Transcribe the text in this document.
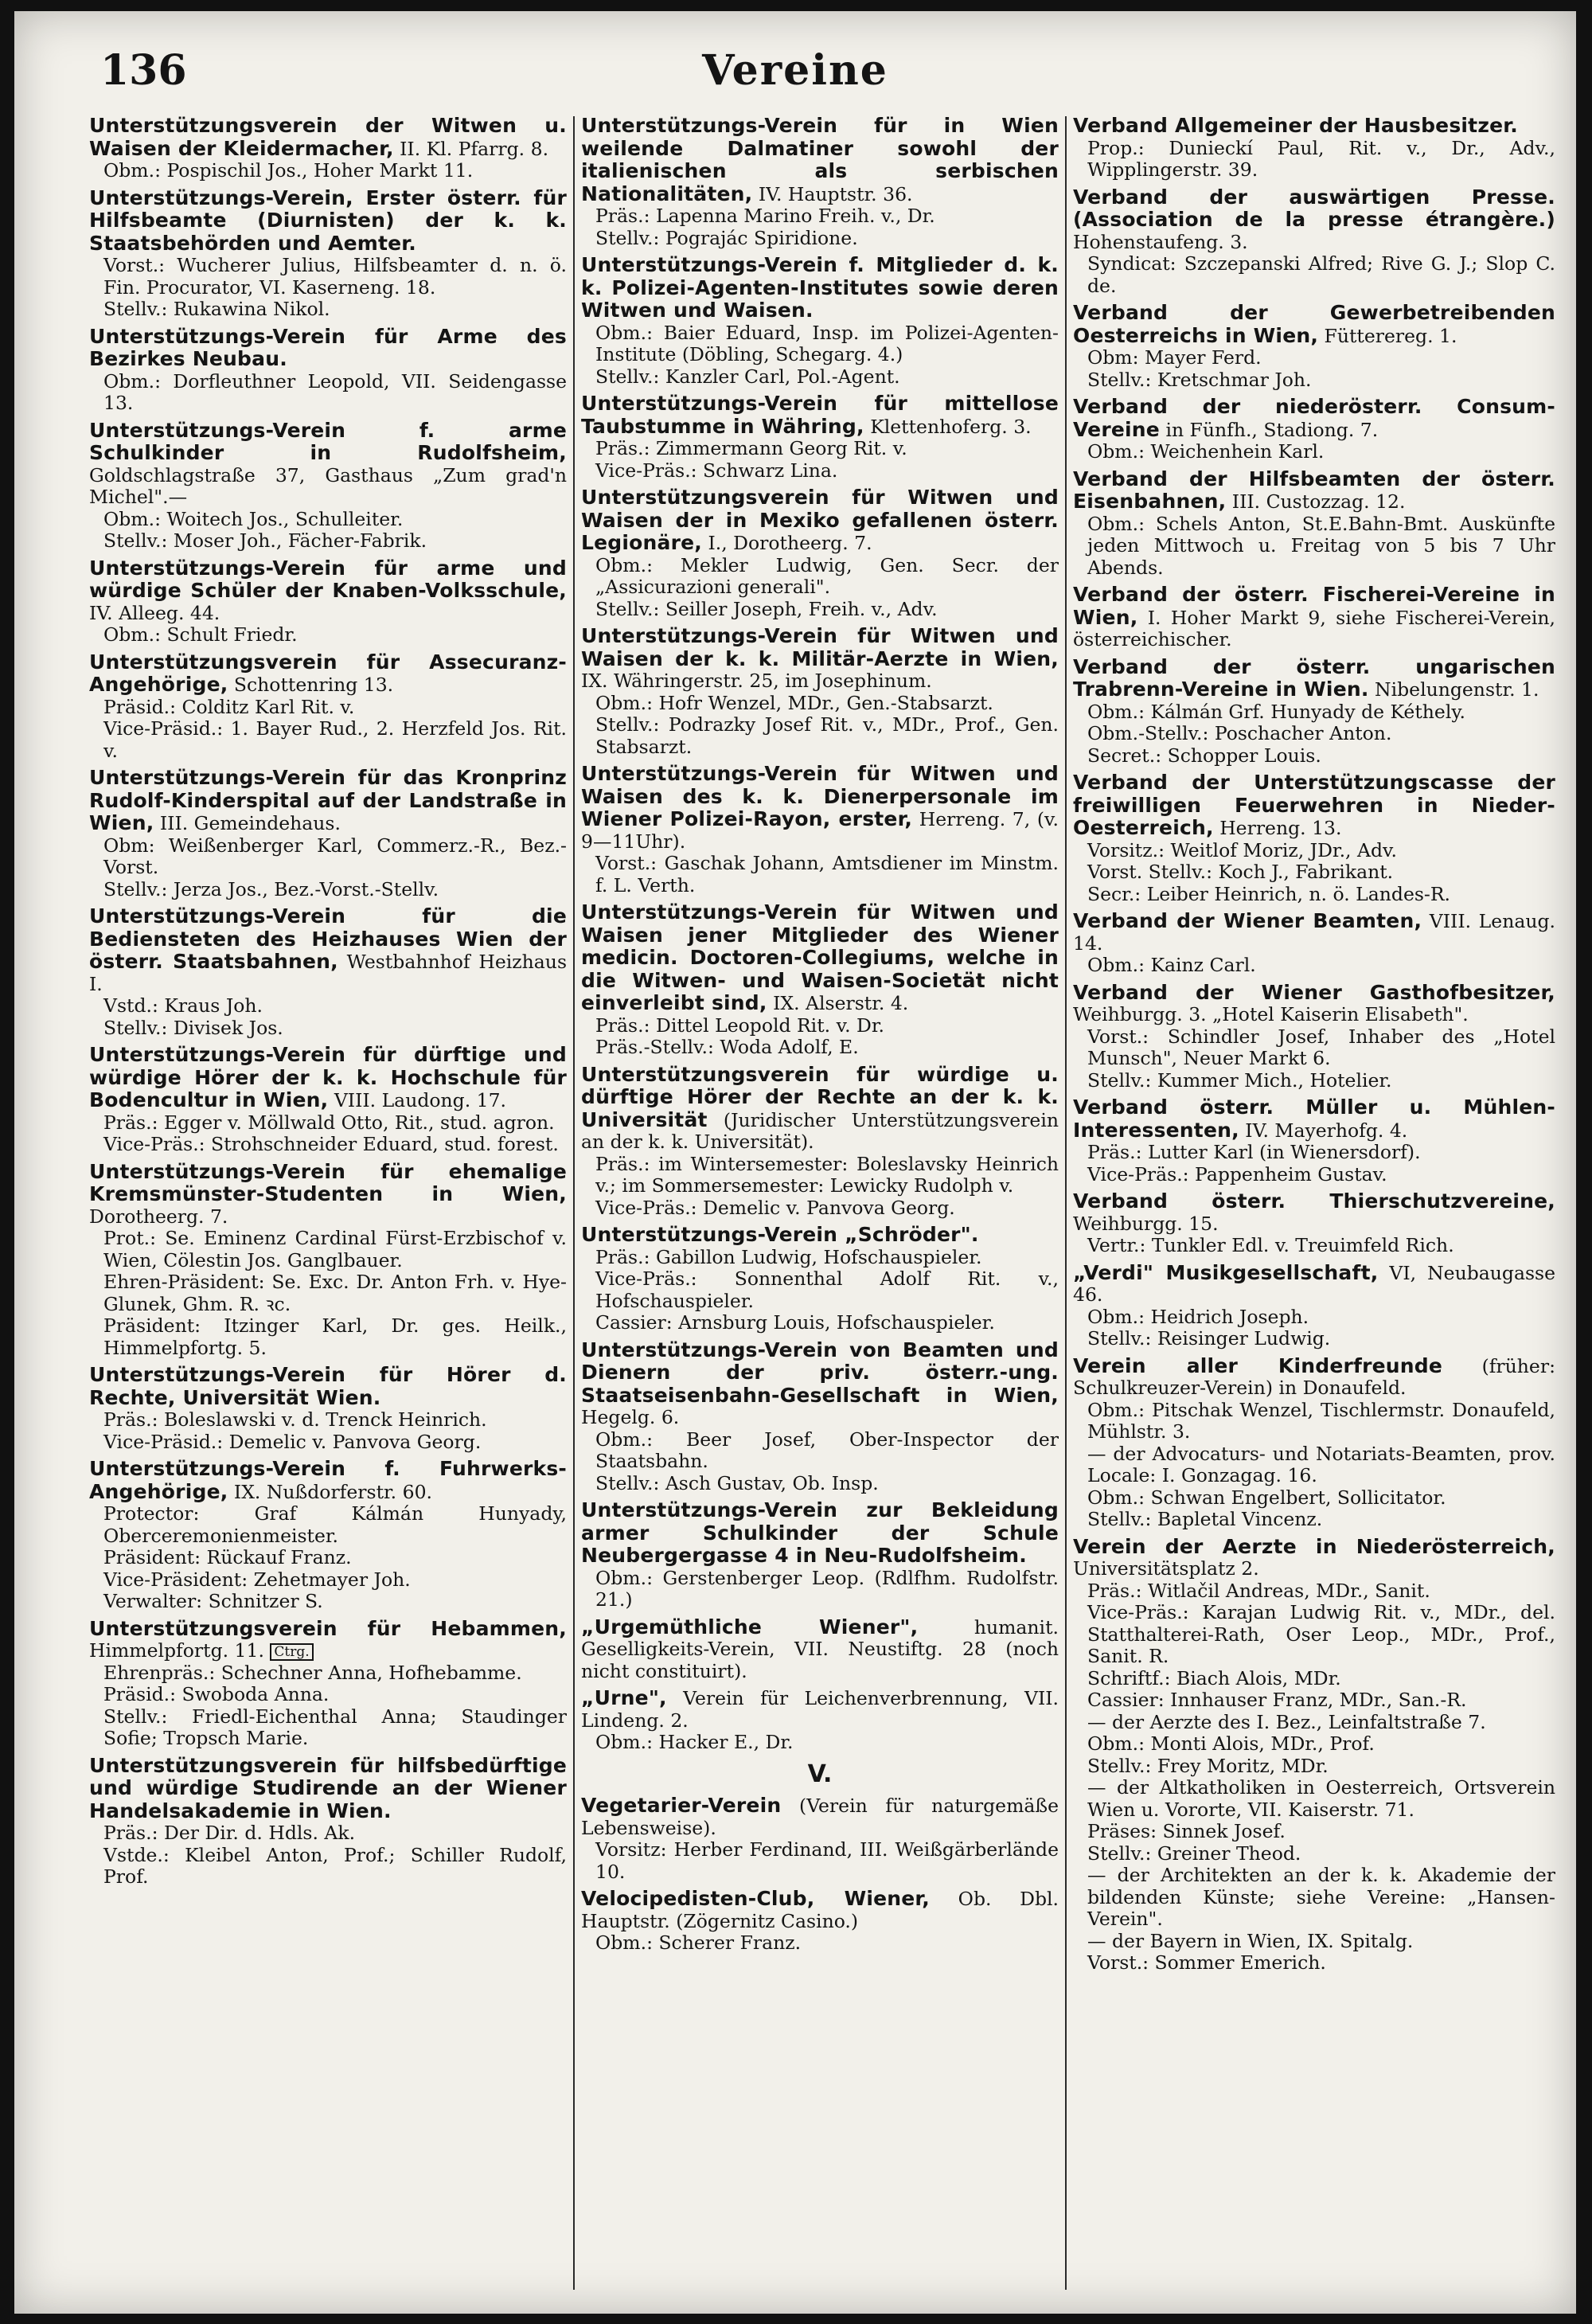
136	Vereine
Unterstützungsverein der Witwen u. Waisen der Kleidermacher, II. Kl. Pfarrg. 8.
Obm.: Pospischil Jos., Hoher Markt 11.
Unterstützungs-Verein, Erster österr. für Hilfsbeamte (Diurnisten) der k. k. Staatsbehörden und Aemter.
Vorst.: Wucherer Julius, Hilfsbeamter d. n. ö. Fin. Procurator, VI. Kaserneng. 18.
Stellv.: Rukawina Nikol.
Unterstützungs-Verein für Arme des Bezirkes Neubau.
Obm.: Dorfleuthner Leopold, VII. Seidengasse 13.
Unterstützungs-Verein f. arme Schulkinder in Rudolfsheim, Goldschlagstraße 37, Gasthaus „Zum grad'n Michel".—
Obm.: Woitech Jos., Schulleiter.
Stellv.: Moser Joh., Fächer-Fabrik.
Unterstützungs-Verein für arme und würdige Schüler der Knaben-Volksschule, IV. Alleeg. 44.
Obm.: Schult Friedr.
Unterstützungsverein für Assecuranz-Angehörige, Schottenring 13.
Präsid.: Colditz Karl Rit. v.
Vice-Präsid.: 1. Bayer Rud., 2. Herzfeld Jos. Rit. v.
Unterstützungs-Verein für das Kronprinz Rudolf-Kinderspital auf der Landstraße in Wien, III. Gemeindehaus.
Obm: Weißenberger Karl, Commerz.-R., Bez.-Vorst.
Stellv.: Jerza Jos., Bez.-Vorst.-Stellv.
Unterstützungs-Verein für die Bediensteten des Heizhauses Wien der österr. Staatsbahnen, Westbahnhof Heizhaus I.
Vstd.: Kraus Joh.
Stellv.: Divisek Jos.
Unterstützungs-Verein für dürftige und würdige Hörer der k. k. Hochschule für Bodencultur in Wien, VIII. Laudong. 17.
Präs.: Egger v. Möllwald Otto, Rit., stud. agron.
Vice-Präs.: Strohschneider Eduard, stud. forest.
Unterstützungs-Verein für ehemalige Kremsmünster-Studenten in Wien, Dorotheerg. 7.
Prot.: Se. Eminenz Cardinal Fürst-Erzbischof v. Wien, Cölestin Jos. Ganglbauer.
Ehren-Präsident: Se. Exc. Dr. Anton Frh. v. Hye-Glunek, Ghm. R. ꝛc.
Präsident: Itzinger Karl, Dr. ges. Heilk., Himmelpfortg. 5.
Unterstützungs-Verein für Hörer d. Rechte, Universität Wien.
Präs.: Boleslawski v. d. Trenck Heinrich.
Vice-Präsid.: Demelic v. Panvova Georg.
Unterstützungs-Verein f. Fuhrwerks-Angehörige, IX. Nußdorferstr. 60.
Protector: Graf Kálmán Hunyady, Oberceremonienmeister.
Präsident: Rückauf Franz.
Vice-Präsident: Zehetmayer Joh.
Verwalter: Schnitzer S.
Unterstützungsverein für Hebammen, Himmelpfortg. 11. Ctrg.
Ehrenpräs.: Schechner Anna, Hofhebamme.
Präsid.: Swoboda Anna.
Stellv.: Friedl-Eichenthal Anna; Staudinger Sofie; Tropsch Marie.
Unterstützungsverein für hilfsbedürftige und würdige Studirende an der Wiener Handelsakademie in Wien.
Präs.: Der Dir. d. Hdls. Ak.
Vstde.: Kleibel Anton, Prof.; Schiller Rudolf, Prof.
Unterstützungs-Verein für in Wien weilende Dalmatiner sowohl der italienischen als serbischen Nationalitäten, IV. Hauptstr. 36.
Präs.: Lapenna Marino Freih. v., Dr.
Stellv.: Pograjác Spiridione.
Unterstützungs-Verein f. Mitglieder d. k. k. Polizei-Agenten-Institutes sowie deren Witwen und Waisen.
Obm.: Baier Eduard, Insp. im Polizei-Agenten-Institute (Döbling, Schegarg. 4.)
Stellv.: Kanzler Carl, Pol.-Agent.
Unterstützungs-Verein für mittellose Taubstumme in Währing, Klettenhoferg. 3.
Präs.: Zimmermann Georg Rit. v.
Vice-Präs.: Schwarz Lina.
Unterstützungsverein für Witwen und Waisen der in Mexiko gefallenen österr. Legionäre, I., Dorotheerg. 7.
Obm.: Mekler Ludwig, Gen. Secr. der „Assicurazioni generali".
Stellv.: Seiller Joseph, Freih. v., Adv.
Unterstützungs-Verein für Witwen und Waisen der k. k. Militär-Aerzte in Wien, IX. Währingerstr. 25, im Josephinum.
Obm.: Hofr Wenzel, MDr., Gen.-Stabsarzt.
Stellv.: Podrazky Josef Rit. v., MDr., Prof., Gen. Stabsarzt.
Unterstützungs-Verein für Witwen und Waisen des k. k. Dienerpersonale im Wiener Polizei-Rayon, erster, Herreng. 7, (v. 9—11Uhr).
Vorst.: Gaschak Johann, Amtsdiener im Minstm. f. L. Verth.
Unterstützungs-Verein für Witwen und Waisen jener Mitglieder des Wiener medicin. Doctoren-Collegiums, welche in die Witwen- und Waisen-Societät nicht einverleibt sind, IX. Alserstr. 4.
Präs.: Dittel Leopold Rit. v. Dr.
Präs.-Stellv.: Woda Adolf, E.
Unterstützungsverein für würdige u. dürftige Hörer der Rechte an der k. k. Universität (Juridischer Unterstützungsverein an der k. k. Universität).
Präs.: im Wintersemester: Boleslavsky Heinrich v.; im Sommersemester: Lewicky Rudolph v.
Vice-Präs.: Demelic v. Panvova Georg.
Unterstützungs-Verein „Schröder".
Präs.: Gabillon Ludwig, Hofschauspieler.
Vice-Präs.: Sonnenthal Adolf Rit. v., Hofschauspieler.
Cassier: Arnsburg Louis, Hofschauspieler.
Unterstützungs-Verein von Beamten und Dienern der priv. österr.-ung. Staatseisenbahn-Gesellschaft in Wien, Hegelg. 6.
Obm.: Beer Josef, Ober-Inspector der Staatsbahn.
Stellv.: Asch Gustav, Ob. Insp.
Unterstützungs-Verein zur Bekleidung armer Schulkinder der Schule Neubergergasse 4 in Neu-Rudolfsheim.
Obm.: Gerstenberger Leop. (Rdlfhm. Rudolfstr. 21.)
„Urgemüthliche Wiener",	humanit. Geselligkeits-Verein, VII. Neustiftg. 28 (noch nicht constituirt).
„Urne", Verein für Leichenverbrennung, VII. Lindeng. 2.
Obm.: Hacker E., Dr.
V.
Vegetarier-Verein (Verein für naturgemäße Lebensweise).
Vorsitz: Herber Ferdinand, III. Weißgärberlände 10.
Velocipedisten-Club, Wiener, Ob. Dbl. Hauptstr. (Zögernitz Casino.)
Obm.: Scherer Franz.
Verband Allgemeiner der Hausbesitzer.
Prop.: Dunieckí Paul, Rit. v., Dr., Adv., Wipplingerstr. 39.
Verband der auswärtigen Presse. (Association de la presse étrangère.) Hohenstaufeng. 3.
Syndicat: Szczepanski Alfred; Rive G. J.; Slop C. de.
Verband der Gewerbetreibenden Oesterreichs in Wien, Fütterereg. 1.
Obm: Mayer Ferd.
Stellv.: Kretschmar Joh.
Verband der niederösterr. Consum-Vereine in Fünfh., Stadiong. 7.
Obm.: Weichenhein Karl.
Verband der Hilfsbeamten der österr. Eisenbahnen, III. Custozzag. 12.
Obm.: Schels Anton, St.E.Bahn-Bmt. Auskünfte jeden Mittwoch u. Freitag von 5 bis 7 Uhr Abends.
Verband der österr. Fischerei-Vereine in Wien, I. Hoher Markt 9, siehe Fischerei-Verein, österreichischer.
Verband der österr. ungarischen Trabrenn-Vereine in Wien. Nibelungenstr. 1.
Obm.: Kálmán Grf. Hunyady de Kéthely.
Obm.-Stellv.: Poschacher Anton.
Secret.: Schopper Louis.
Verband der Unterstützungscasse der freiwilligen Feuerwehren in Nieder-Oesterreich, Herreng. 13.
Vorsitz.: Weitlof Moriz, JDr., Adv.
Vorst. Stellv.: Koch J., Fabrikant.
Secr.: Leiber Heinrich, n. ö. Landes-R.
Verband der Wiener Beamten, VIII. Lenaug. 14.
Obm.: Kainz Carl.
Verband der Wiener Gasthofbesitzer, Weihburgg. 3. „Hotel Kaiserin Elisabeth".
Vorst.: Schindler Josef, Inhaber des „Hotel Munsch", Neuer Markt 6.
Stellv.: Kummer Mich., Hotelier.
Verband österr. Müller u. Mühlen-Interessenten, IV. Mayerhofg. 4.
Präs.: Lutter Karl (in Wienersdorf).
Vice-Präs.: Pappenheim Gustav.
Verband österr. Thierschutzvereine, Weihburgg. 15.
Vertr.: Tunkler Edl. v. Treuimfeld Rich.
„Verdi" Musikgesellschaft, VI, Neubaugasse 46.
Obm.: Heidrich Joseph.
Stellv.: Reisinger Ludwig.
Verein aller Kinderfreunde (früher: Schulkreuzer-Verein) in Donaufeld.
Obm.: Pitschak Wenzel, Tischlermstr. Donaufeld, Mühlstr. 3.
— der Advocaturs- und Notariats-Beamten, prov. Locale: I. Gonzagag. 16.
Obm.: Schwan Engelbert, Sollicitator.
Stellv.: Bapletal Vincenz.
Verein der Aerzte in Niederösterreich, Universitätsplatz 2.
Präs.: Witlačil Andreas, MDr., Sanit.
Vice-Präs.: Karajan Ludwig Rit. v., MDr., del. Statthalterei-Rath, Oser Leop., MDr., Prof., Sanit. R.
Schriftf.: Biach Alois, MDr.
Cassier: Innhauser Franz, MDr., San.-R.
— der Aerzte des I. Bez., Leinfaltstraße 7.
Obm.: Monti Alois, MDr., Prof.
Stellv.: Frey Moritz, MDr.
— der Altkatholiken in Oesterreich, Ortsverein Wien u. Vororte, VII. Kaiserstr. 71.
Präses: Sinnek Josef.
Stellv.: Greiner Theod.
— der Architekten an der k. k. Akademie der bildenden Künste; siehe Vereine: „Hansen-Verein".
— der Bayern in Wien, IX. Spitalg.
Vorst.: Sommer Emerich.
